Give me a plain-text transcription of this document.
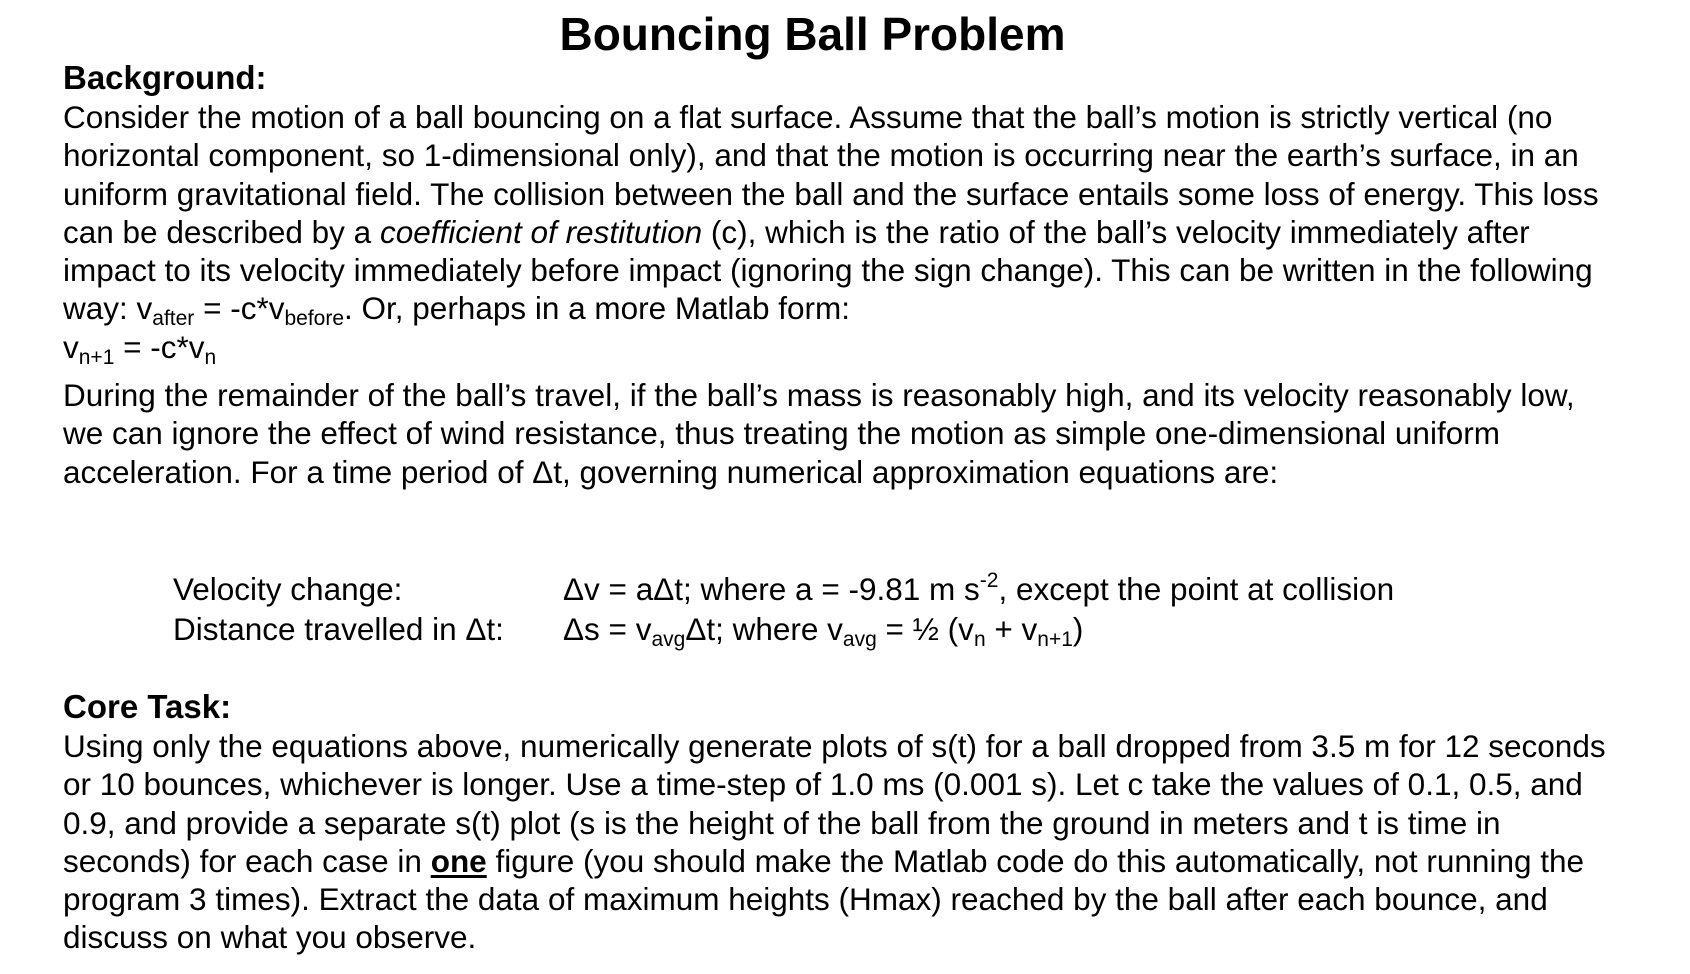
Bouncing Ball Problem
Background:
Consider the motion of a ball bouncing on a flat surface. Assume that the ball’s motion is strictly vertical (no horizontal component, so 1-dimensional only), and that the motion is occurring near the earth’s surface, in an uniform gravitational field. The collision between the ball and the surface entails some loss of energy. This loss can be described by a coefficient of restitution (c), which is the ratio of the ball’s velocity immediately after impact to its velocity immediately before impact (ignoring the sign change). This can be written in the following way: $v_{after} = -c*v_{before}$. Or, perhaps in a more Matlab form:
$v_{n+1} = -c*v_n$
During the remainder of the ball’s travel, if the ball’s mass is reasonably high, and its velocity reasonably low, we can ignore the effect of wind resistance, thus treating the motion as simple one-dimensional uniform acceleration. For a time period of Δt, governing numerical approximation equations are:
Velocity change:	Δv = aΔt; where a = -9.81 m $s^{-2}$, except the point at collision
Distance travelled in Δt: $\Delta s = v_{avg}\Delta t$; where $v_{avg}$ = ½ $(v_n + v_{n+1})$
Core Task:
Using only the equations above, numerically generate plots of s(t) for a ball dropped from 3.5 m for 12 seconds or 10 bounces, whichever is longer. Use a time-step of 1.0 ms (0.001 s). Let c take the values of 0.1, 0.5, and 0.9, and provide a separate s(t) plot (s is the height of the ball from the ground in meters and t is time in seconds) for each case in one figure (you should make the Matlab code do this automatically, not running the program 3 times). Extract the data of maximum heights (Hmax) reached by the ball after each bounce, and discuss on what you observe.
